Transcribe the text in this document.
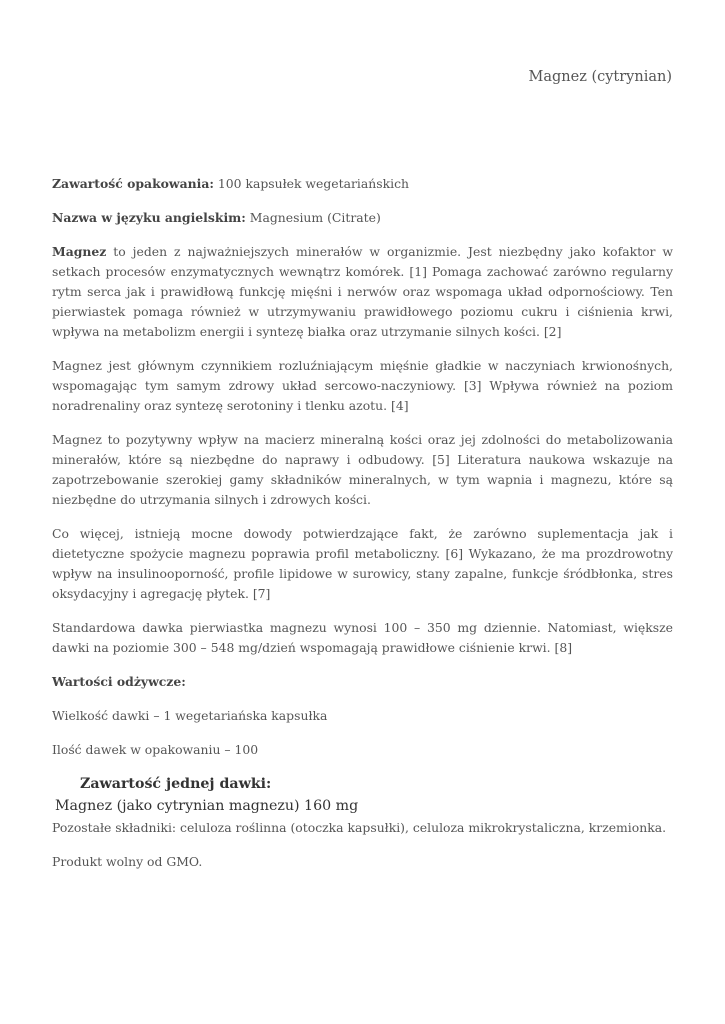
Magnez (cytrynian)

Zawartość opakowania: 100 kapsułek wegetariańskich

Nazwa w języku angielskim: Magnesium (Citrate)

Magnez to jeden z najważniejszych minerałów w organizmie. Jest niezbędny jako kofaktor w setkach procesów enzymatycznych wewnątrz komórek. [1] Pomaga zachować zarówno regularny rytm serca jak i prawidłową funkcję mięśni i nerwów oraz wspomaga układ odpornościowy. Ten pierwiastek pomaga również w utrzymywaniu prawidłowego poziomu cukru i ciśnienia krwi, wpływa na metabolizm energii i syntezę białka oraz utrzymanie silnych kości. [2]

Magnez jest głównym czynnikiem rozluźniającym mięśnie gładkie w naczyniach krwionośnych, wspomagając tym samym zdrowy układ sercowo-naczyniowy. [3] Wpływa również na poziom noradrenaliny oraz syntezę serotoniny i tlenku azotu. [4]

Magnez to pozytywny wpływ na macierz mineralną kości oraz jej zdolności do metabolizowania minerałów, które są niezbędne do naprawy i odbudowy. [5] Literatura naukowa wskazuje na zapotrzebowanie szerokiej gamy składników mineralnych, w tym wapnia i magnezu, które są niezbędne do utrzymania silnych i zdrowych kości.

Co więcej, istnieją mocne dowody potwierdzające fakt, że zarówno suplementacja jak i dietetyczne spożycie magnezu poprawia profil metaboliczny. [6] Wykazano, że ma prozdrowotny wpływ na insulinooporność, profile lipidowe w surowicy, stany zapalne, funkcje śródbłonka, stres oksydacyjny i agregację płytek. [7]

Standardowa dawka pierwiastka magnezu wynosi 100 – 350 mg dziennie. Natomiast, większe dawki na poziomie 300 – 548 mg/dzień wspomagają prawidłowe ciśnienie krwi. [8]

Wartości odżywcze:

Wielkość dawki – 1 wegetariańska kapsułka

Ilość dawek w opakowaniu – 100

Zawartość jednej dawki:

Magnez (jako cytrynian magnezu) 160 mg

Pozostałe składniki: celuloza roślinna (otoczka kapsułki), celuloza mikrokrystaliczna, krzemionka.

Produkt wolny od GMO.
